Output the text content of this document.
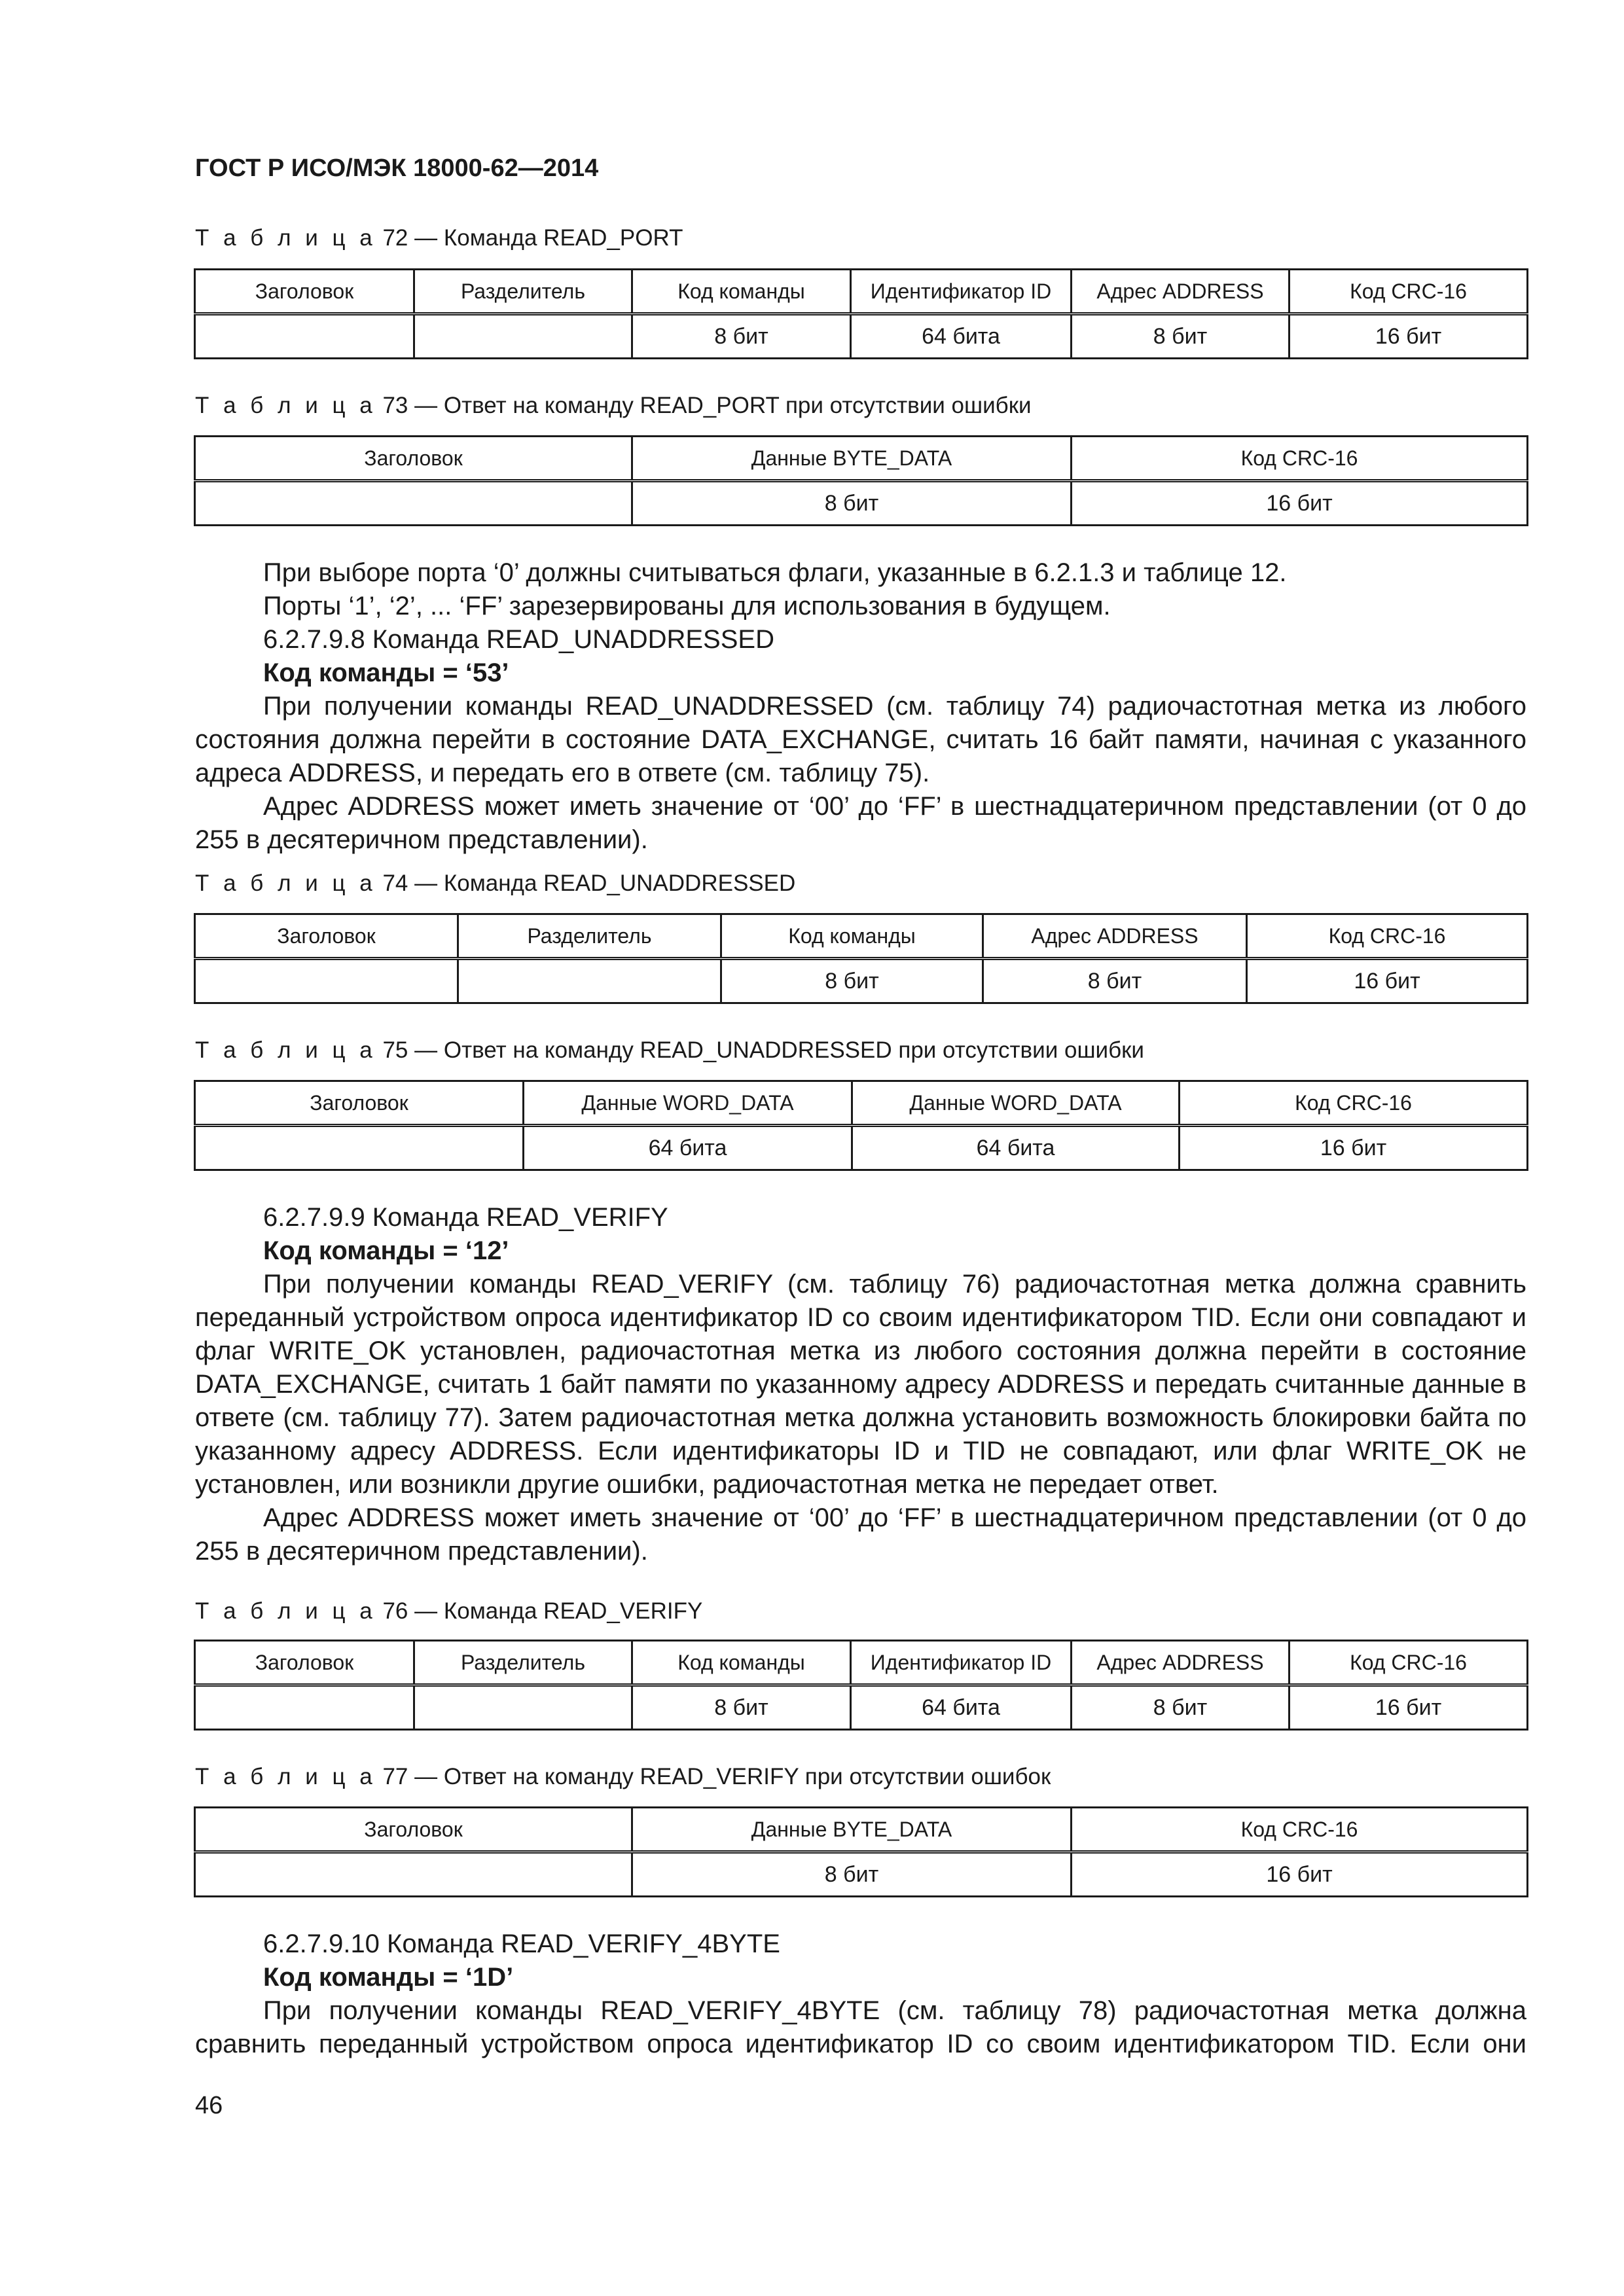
ГОСТ Р ИСО/МЭК 18000-62—2014
Т а б л и ц а 72 — Команда READ_PORT
Заголовок	Разделитель	Код команды	Идентификатор ID	Адрес ADDRESS	Код CRC-16
		8 бит	64 бита	8 бит	16 бит
Т а б л и ц а 73 — Ответ на команду READ_PORT при отсутствии ошибки
Заголовок	Данные BYTE_DATA	Код CRC-16
	8 бит	16 бит

При выборе порта ‘0’ должны считываться флаги, указанные в 6.2.1.3 и таблице 12.

Порты ‘1’, ‘2’, ... ‘FF’ зарезервированы для использования в будущем.

6.2.7.9.8 Команда READ_UNADDRESSED

Код команды = ‘53’

При получении команды READ_UNADDRESSED (см. таблицу 74) радиочастотная метка из любого состояния должна перейти в состояние DATA_EXCHANGE, считать 16 байт памяти, начиная с указанного адреса ADDRESS, и передать его в ответе (см. таблицу 75).

Адрес ADDRESS может иметь значение от ‘00’ до ‘FF’ в шестнадцатеричном представлении (от 0 до 255 в десятеричном представлении).

Т а б л и ц а 74 — Команда READ_UNADDRESSED
Заголовок	Разделитель	Код команды	Адрес ADDRESS	Код CRC-16
		8 бит	8 бит	16 бит
Т а б л и ц а 75 — Ответ на команду READ_UNADDRESSED при отсутствии ошибки
Заголовок	Данные WORD_DATA	Данные WORD_DATA	Код CRC-16
	64 бита	64 бита	16 бит

6.2.7.9.9 Команда READ_VERIFY

Код команды = ‘12’

При получении команды READ_VERIFY (см. таблицу 76) радиочастотная метка должна сравнить переданный устройством опроса идентификатор ID со своим идентификатором TID. Если они совпадают и флаг WRITE_OK установлен, радиочастотная метка из любого состояния должна перейти в состояние DATA_EXCHANGE, считать 1 байт памяти по указанному адресу ADDRESS и передать считанные данные в ответе (см. таблицу 77). Затем радиочастотная метка должна установить возможность блокировки байта по указанному адресу ADDRESS. Если идентификаторы ID и TID не совпадают, или флаг WRITE_OK не установлен, или возникли другие ошибки, радиочастотная метка не передает ответ.

Адрес ADDRESS может иметь значение от ‘00’ до ‘FF’ в шестнадцатеричном представлении (от 0 до 255 в десятеричном представлении).

Т а б л и ц а 76 — Команда READ_VERIFY
Заголовок	Разделитель	Код команды	Идентификатор ID	Адрес ADDRESS	Код CRC-16
		8 бит	64 бита	8 бит	16 бит
Т а б л и ц а 77 — Ответ на команду READ_VERIFY при отсутствии ошибок
Заголовок	Данные BYTE_DATA	Код CRC-16
	8 бит	16 бит

6.2.7.9.10 Команда READ_VERIFY_4BYTE

Код команды = ‘1D’

При получении команды READ_VERIFY_4BYTE (см. таблицу 78) радиочастотная метка должна сравнить переданный устройством опроса идентификатор ID со своим идентификатором TID. Если они

46
